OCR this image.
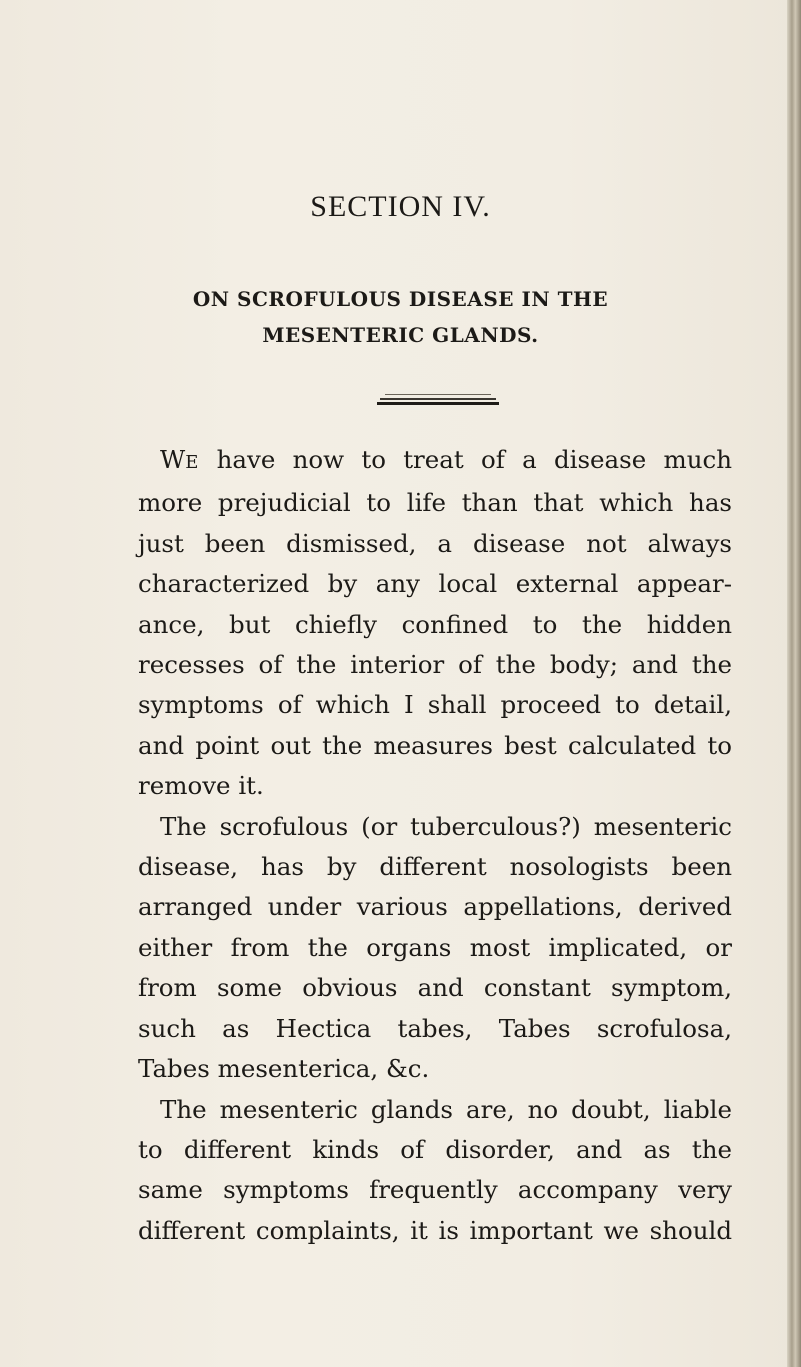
SECTION IV.
ON SCROFULOUS DISEASE IN THE
MESENTERIC GLANDS.
WE have now to treat of a disease much
more prejudicial to life than that which has
just been dismissed, a disease not always
characterized by any local external appear-
ance, but chiefly confined to the hidden
recesses of the interior of the body; and the
symptoms of which I shall proceed to detail,
and point out the measures best calculated to
remove it.
The scrofulous (or tuberculous?) mesenteric
disease, has by different nosologists been
arranged under various appellations, derived
either from the organs most implicated, or
from some obvious and constant symptom,
such as Hectica tabes, Tabes scrofulosa,
Tabes mesenterica, &c.
The mesenteric glands are, no doubt, liable
to different kinds of disorder, and as the
same symptoms frequently accompany very
different complaints, it is important we should
